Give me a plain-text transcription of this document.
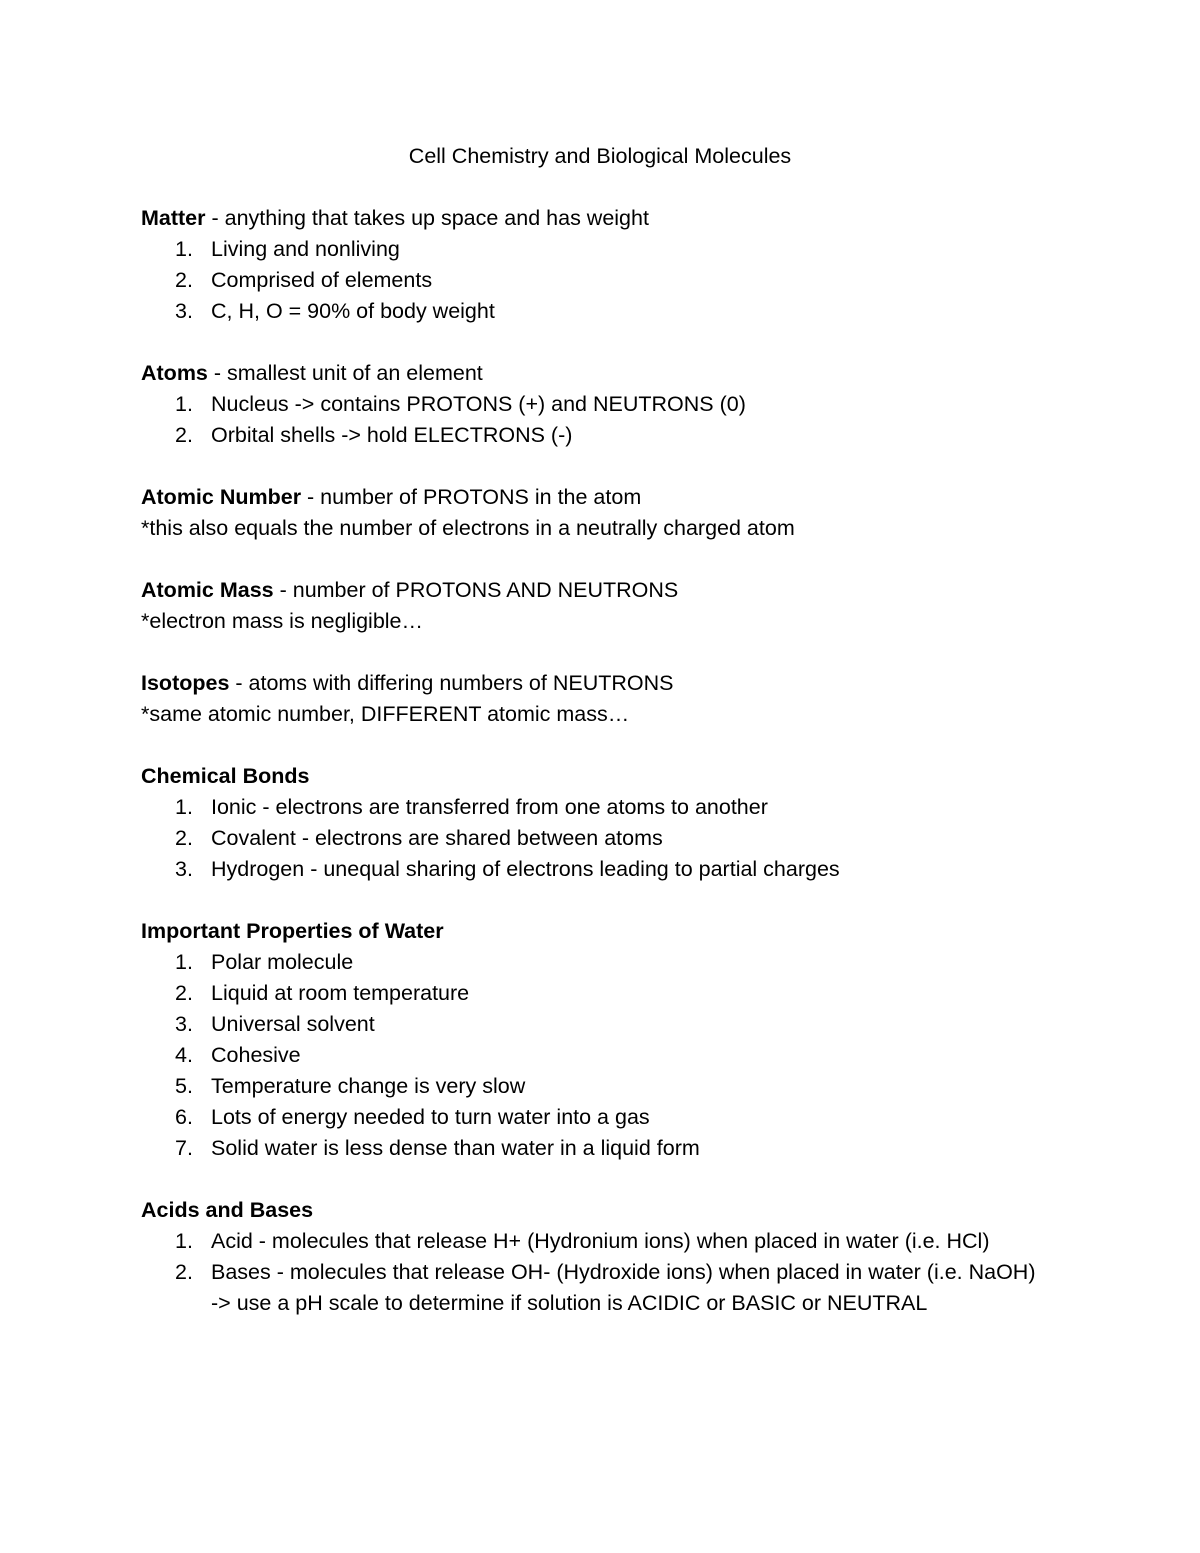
Cell Chemistry and Biological Molecules

Matter - anything that takes up space and has weight

1. Living and nonliving
2. Comprised of elements
3. C, H, O = 90% of body weight

Atoms - smallest unit of an element

1. Nucleus -> contains PROTONS (+) and NEUTRONS (0)
2. Orbital shells -> hold ELECTRONS (-)

Atomic Number - number of PROTONS in the atom

*this also equals the number of electrons in a neutrally charged atom

Atomic Mass - number of PROTONS AND NEUTRONS

*electron mass is negligible…

Isotopes - atoms with differing numbers of NEUTRONS

*same atomic number, DIFFERENT atomic mass…

Chemical Bonds

1. Ionic - electrons are transferred from one atoms to another
2. Covalent - electrons are shared between atoms
3. Hydrogen - unequal sharing of electrons leading to partial charges

Important Properties of Water

1. Polar molecule
2. Liquid at room temperature
3. Universal solvent
4. Cohesive
5. Temperature change is very slow
6. Lots of energy needed to turn water into a gas
7. Solid water is less dense than water in a liquid form

Acids and Bases

1. Acid - molecules that release H+ (Hydronium ions) when placed in water (i.e. HCl)
2. Bases - molecules that release OH- (Hydroxide ions) when placed in water (i.e. NaOH)
-> use a pH scale to determine if solution is ACIDIC or BASIC or NEUTRAL
